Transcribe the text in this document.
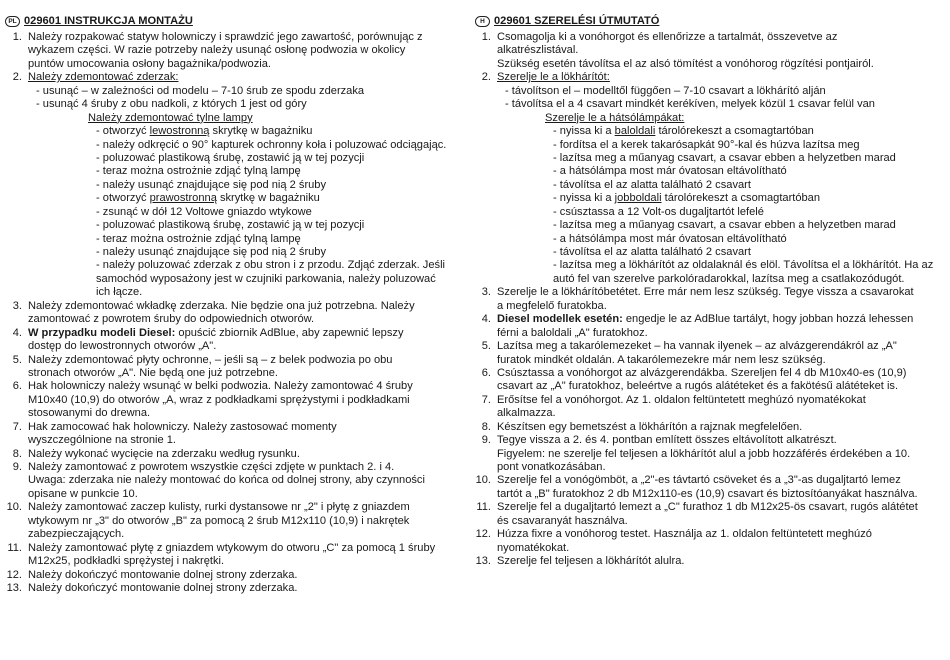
PL 029601 INSTRUKCJA MONTAŻU
1. Należy rozpakować statyw holowniczy i sprawdzić jego zawartość, porównując z
wykazem części. W razie potrzeby należy usunąć osłonę podwozia w okolicy
puntów umocowania osłony bagażnika/podwozia.
2. Należy zdemontować zderzak:
- usunąć – w zależności od modelu – 7-10 śrub ze spodu zderzaka
- usunąć 4 śruby z obu nadkoli, z których 1 jest od góry
Należy zdemontować tylne lampy
- otworzyć lewostronną skrytkę w bagażniku
- należy odkręcić o 90° kapturek ochronny koła i poluzować odciągając.
- poluzować plastikową śrubę, zostawić ją w tej pozycji
- teraz można ostrożnie zdjąć tylną lampę
- należy usunąć znajdujące się pod nią 2 śruby
- otworzyć prawostronną skrytkę w bagażniku
- zsunąć w dół 12 Voltowe gniazdo wtykowe
- poluzować plastikową śrubę, zostawić ją w tej pozycji
- teraz można ostrożnie zdjąć tylną lampę
- należy usunąć znajdujące się pod nią 2 śruby
- należy poluzować zderzak z obu stron i z przodu. Zdjąć zderzak. Jeśli
samochód wyposażony jest w czujniki parkowania, należy poluzować
ich łącze.
3. Należy zdemontować wkładkę zderzaka. Nie będzie ona już potrzebna. Należy
zamontować z powrotem śruby do odpowiednich otworów.
4. W przypadku modeli Diesel: opuścić zbiornik AdBlue, aby zapewnić lepszy
dostęp do lewostronnych otworów „A".
5. Należy zdemontować płyty ochronne, – jeśli są – z belek podwozia po obu
stronach otworów „A". Nie będą one już potrzebne.
6. Hak holowniczy należy wsunąć w belki podwozia. Należy zamontować 4 śruby
M10x40 (10,9) do otworów „A, wraz z podkładkami sprężystymi i podkładkami
stosowanymi do drewna.
7. Hak zamocować hak holowniczy. Należy zastosować momenty
wyszczególnione na stronie 1.
8. Należy wykonać wycięcie na zderzaku według rysunku.
9. Należy zamontować z powrotem wszystkie części zdjęte w punktach 2. i 4.
Uwaga: zderzaka nie należy montować do końca od dolnej strony, aby czynności
opisane w punkcie 10.
10. Należy zamontować zaczep kulisty, rurki dystansowe nr „2" i płytę z gniazdem
wtykowym nr „3" do otworów „B" za pomocą 2 śrub M12x110 (10,9) i nakrętek
zabezpieczających.
11. Należy zamontować płytę z gniazdem wtykowym do otworu „C" za pomocą 1 śruby
M12x25, podkładki sprężystej i nakrętki.
12. Należy dokończyć montowanie dolnej strony zderzaka.
13. Należy dokończyć montowanie dolnej strony zderzaka.
H 029601 SZERELÉSI ÚTMUTATÓ
1. Csomagolja ki a vonóhorgot és ellenőrizze a tartalmát, összevetve az
alkatrészlistával.
Szükség esetén távolítsa el az alsó tömítést a vonóhorog rögzítési pontjairól.
2. Szerelje le a lökhárítót:
- távolítson el – modelltől függően – 7-10 csavart a lökhárító alján
- távolítsa el a 4 csavart mindkét kerékíven, melyek közül 1 csavar felül van
Szerelje le a hátsólámpákat:
- nyissa ki a baloldali tárolórekeszt a csomagtartóban
- fordítsa el a kerek takarósapkát 90°-kal és húzva lazítsa meg
- lazítsa meg a műanyag csavart, a csavar ebben a helyzetben marad
- a hátsólámpa most már óvatosan eltávolítható
- távolítsa el az alatta található 2 csavart
- nyissa ki a jobboldali tárolórekeszt a csomagtartóban
- csúsztassa a 12 Volt-os dugaljtartót lefelé
- lazítsa meg a műanyag csavart, a csavar ebben a helyzetben marad
- a hátsólámpa most már óvatosan eltávolítható
- távolítsa el az alatta található 2 csavart
- lazítsa meg a lökhárítót az oldalaknál és elöl. Távolítsa el a lökhárítót. Ha az
autó fel van szerelve parkolóradarokkal, lazítsa meg a csatlakozódugót.
3. Szerelje le a lökhárítóbetétet. Erre már nem lesz szükség. Tegye vissza a csavarokat
a megfelelő furatokba.
4. Diesel modellek esetén: engedje le az AdBlue tartályt, hogy jobban hozzá lehessen
férni a baloldali „A" furatokhoz.
5. Lazítsa meg a takarólemezeket – ha vannak ilyenek – az alvázgerendákról az „A"
furatok mindkét oldalán. A takarólemezekre már nem lesz szükség.
6. Csúsztassa a vonóhorgot az alvázgerendákba. Szereljen fel 4 db M10x40-es (10,9)
csavart az „A" furatokhoz, beleértve a rugós alátéteket és a fakötésű alátéteket is.
7. Erősítse fel a vonóhorgot. Az 1. oldalon feltüntetett meghúzó nyomatékokat
alkalmazza.
8. Készítsen egy bemetszést a lökhárítón a rajznak megfelelően.
9. Tegye vissza a 2. és 4. pontban említett összes eltávolított alkatrészt.
Figyelem: ne szerelje fel teljesen a lökhárítót alul a jobb hozzáférés érdekében a 10.
pont vonatkozásában.
10. Szerelje fel a vonógömböt, a „2"-es távtartó csöveket és a „3"-as dugaljtartó lemez
tartót a „B" furatokhoz 2 db M12x110-es (10,9) csavart és biztosítóanyákat használva.
11. Szerelje fel a dugaljtartó lemezt a „C" furathoz 1 db M12x25-ös csavart, rugós alátétet
és csavaranyát használva.
12. Húzza fixre a vonóhorog testet. Használja az 1. oldalon feltüntetett meghúzó
nyomatékokat.
13. Szerelje fel teljesen a lökhárítót alulra.
